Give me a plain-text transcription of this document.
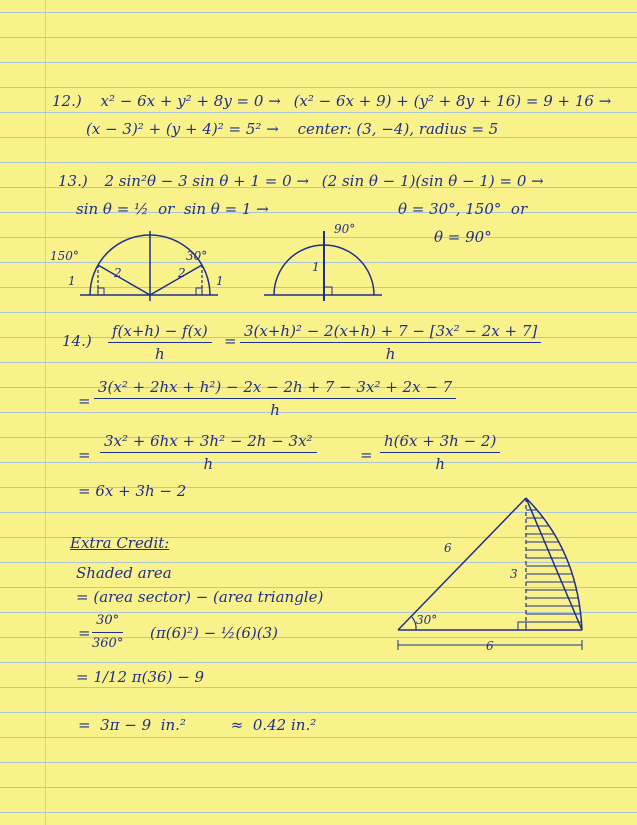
12.) x² − 6x + y² + 8y = 0 → (x² − 6x + 9) + (y² + 8y + 16) = 9 + 16 →
(x − 3)² + (y + 4)² = 5² → center: (3, −4), radius = 5
13.) 2 sin²θ − 3 sin θ + 1 = 0 → (2 sin θ − 1)(sin θ − 1) = 0 →
sin θ = ½  or  sin θ = 1 →	θ = 30°, 150°  or
θ = 90°
150°	30°
2	2
1	1
90°
1
$14.) \frac{f(x+h) - f(x)}{h} = \frac{\text{3(x+h)² − 2(x+h) + 7 − [3x² − 2x + 7]}}{h}$
= $\frac{\text{3(x² + 2hx + h²) − 2x − 2h + 7 − 3x² + 2x − 7}}{h}$
= $\frac{\text{3x² + 6hx + 3h² − 2h − 3x²}}{h}$	= $\frac{h(6x + 3h - 2)}{h}$
= 6x + 3h − 2
Extra Credit:
Shaded area
= (area sector) − (area triangle)
= $\frac{30^\circ}{360^\circ} (\pi(6)^2)$ − ½(6)(3)
= 1/12 π(36) − 9
=  3π − 9  in.²	≈  0.42 in.²
6
3
30°
6
